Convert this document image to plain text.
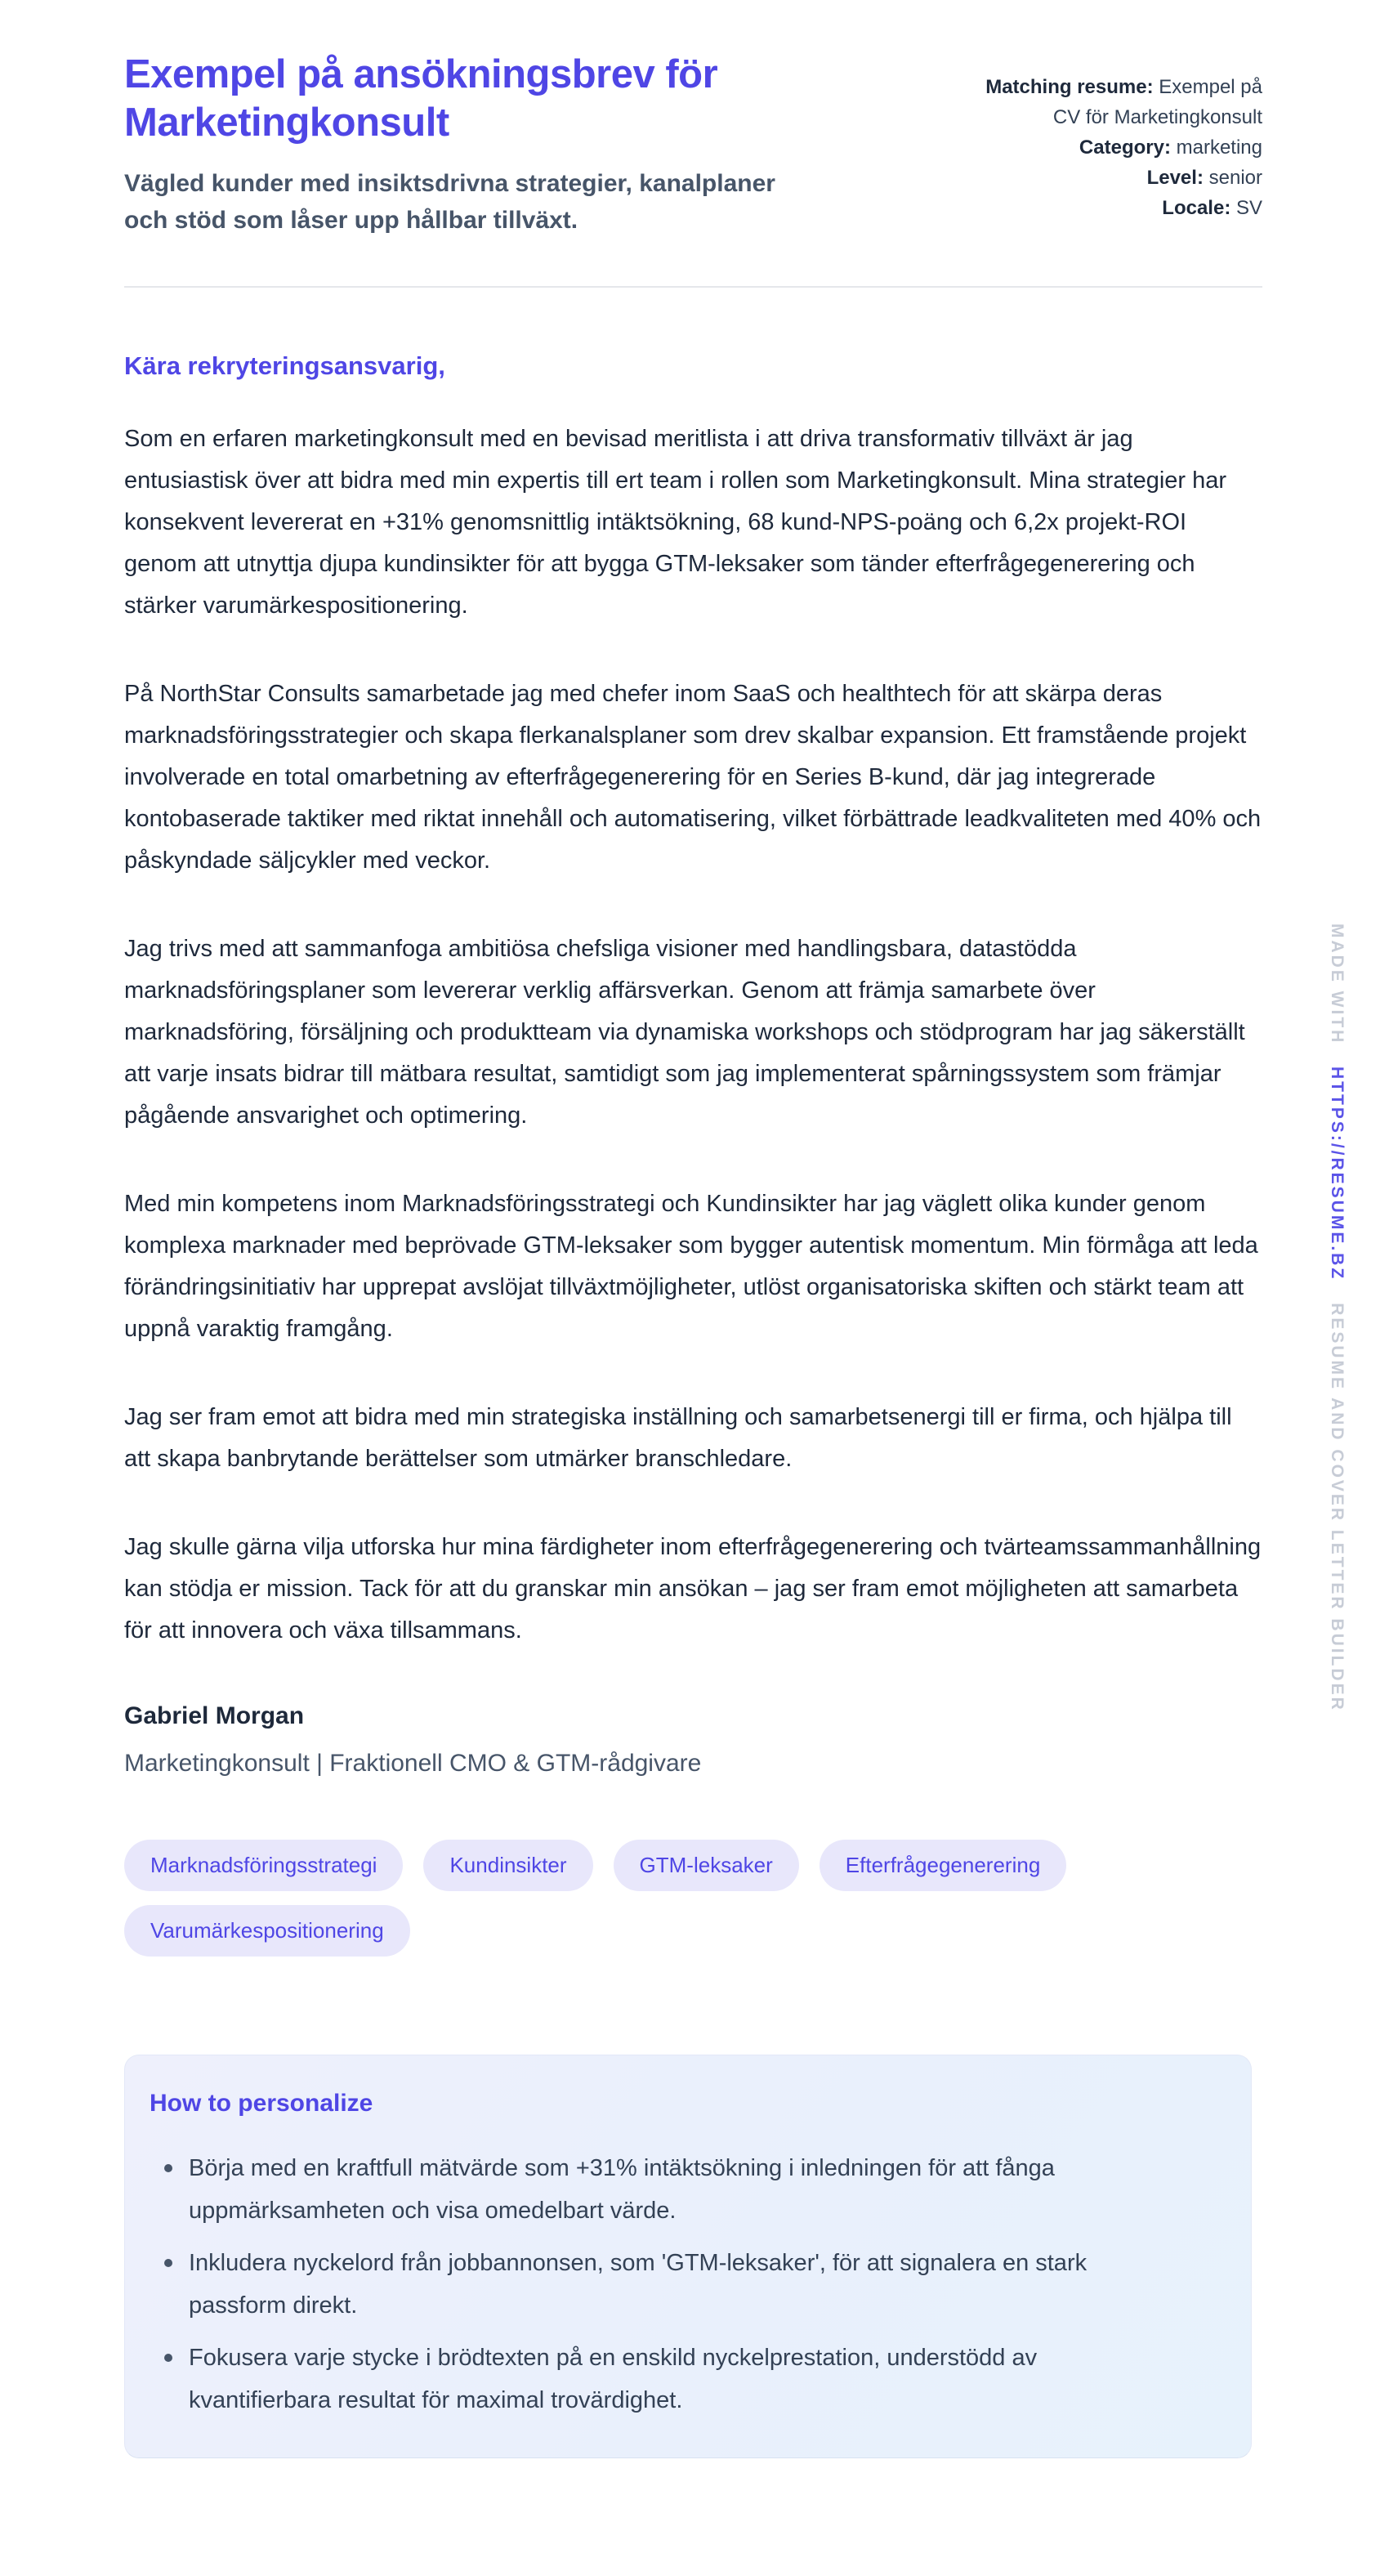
Exempel på ansökningsbrev för Marketingkonsult
Vägled kunder med insiktsdrivna strategier, kanalplaner och stöd som låser upp hållbar tillväxt.
Matching resume: Exempel på CV för Marketingkonsult
Category: marketing
Level: senior
Locale: SV
Kära rekryteringsansvarig,

Som en erfaren marketingkonsult med en bevisad meritlista i att driva transformativ tillväxt är jag entusiastisk över att bidra med min expertis till ert team i rollen som Marketingkonsult. Mina strategier har konsekvent levererat en +31% genomsnittlig intäktsökning, 68 kund-NPS-poäng och 6,2x projekt-ROI genom att utnyttja djupa kundinsikter för att bygga GTM-leksaker som tänder efterfrågegenerering och stärker varumärkespositionering.

På NorthStar Consults samarbetade jag med chefer inom SaaS och healthtech för att skärpa deras marknadsföringsstrategier och skapa flerkanalsplaner som drev skalbar expansion. Ett framstående projekt involverade en total omarbetning av efterfrågegenerering för en Series B-kund, där jag integrerade kontobaserade taktiker med riktat innehåll och automatisering, vilket förbättrade leadkvaliteten med 40% och påskyndade säljcykler med veckor.

Jag trivs med att sammanfoga ambitiösa chefsliga visioner med handlingsbara, datastödda marknadsföringsplaner som levererar verklig affärsverkan. Genom att främja samarbete över marknadsföring, försäljning och produktteam via dynamiska workshops och stödprogram har jag säkerställt att varje insats bidrar till mätbara resultat, samtidigt som jag implementerat spårningssystem som främjar pågående ansvarighet och optimering.

Med min kompetens inom Marknadsföringsstrategi och Kundinsikter har jag väglett olika kunder genom komplexa marknader med beprövade GTM-leksaker som bygger autentisk momentum. Min förmåga att leda förändringsinitiativ har upprepat avslöjat tillväxtmöjligheter, utlöst organisatoriska skiften och stärkt team att uppnå varaktig framgång.

Jag ser fram emot att bidra med min strategiska inställning och samarbetsenergi till er firma, och hjälpa till att skapa banbrytande berättelser som utmärker branschledare.

Jag skulle gärna vilja utforska hur mina färdigheter inom efterfrågegenerering och tvärteamssammanhållning kan stödja er mission. Tack för att du granskar min ansökan – jag ser fram emot möjligheten att samarbeta för att innovera och växa tillsammans.

Gabriel Morgan
Marketingkonsult | Fraktionell CMO & GTM-rådgivare
Marknadsföringsstrategi	Kundinsikter	GTM-leksaker	Efterfrågegenerering
Varumärkespositionering
How to personalize
Börja med en kraftfull mätvärde som +31% intäktsökning i inledningen för att fånga uppmärksamheten och visa omedelbart värde.
Inkludera nyckelord från jobbannonsen, som 'GTM-leksaker', för att signalera en stark passform direkt.
Fokusera varje stycke i brödtexten på en enskild nyckelprestation, understödd av kvantifierbara resultat för maximal trovärdighet.
MADE WITH HTTPS://RESUME.BZ RESUME AND COVER LETTER BUILDER
